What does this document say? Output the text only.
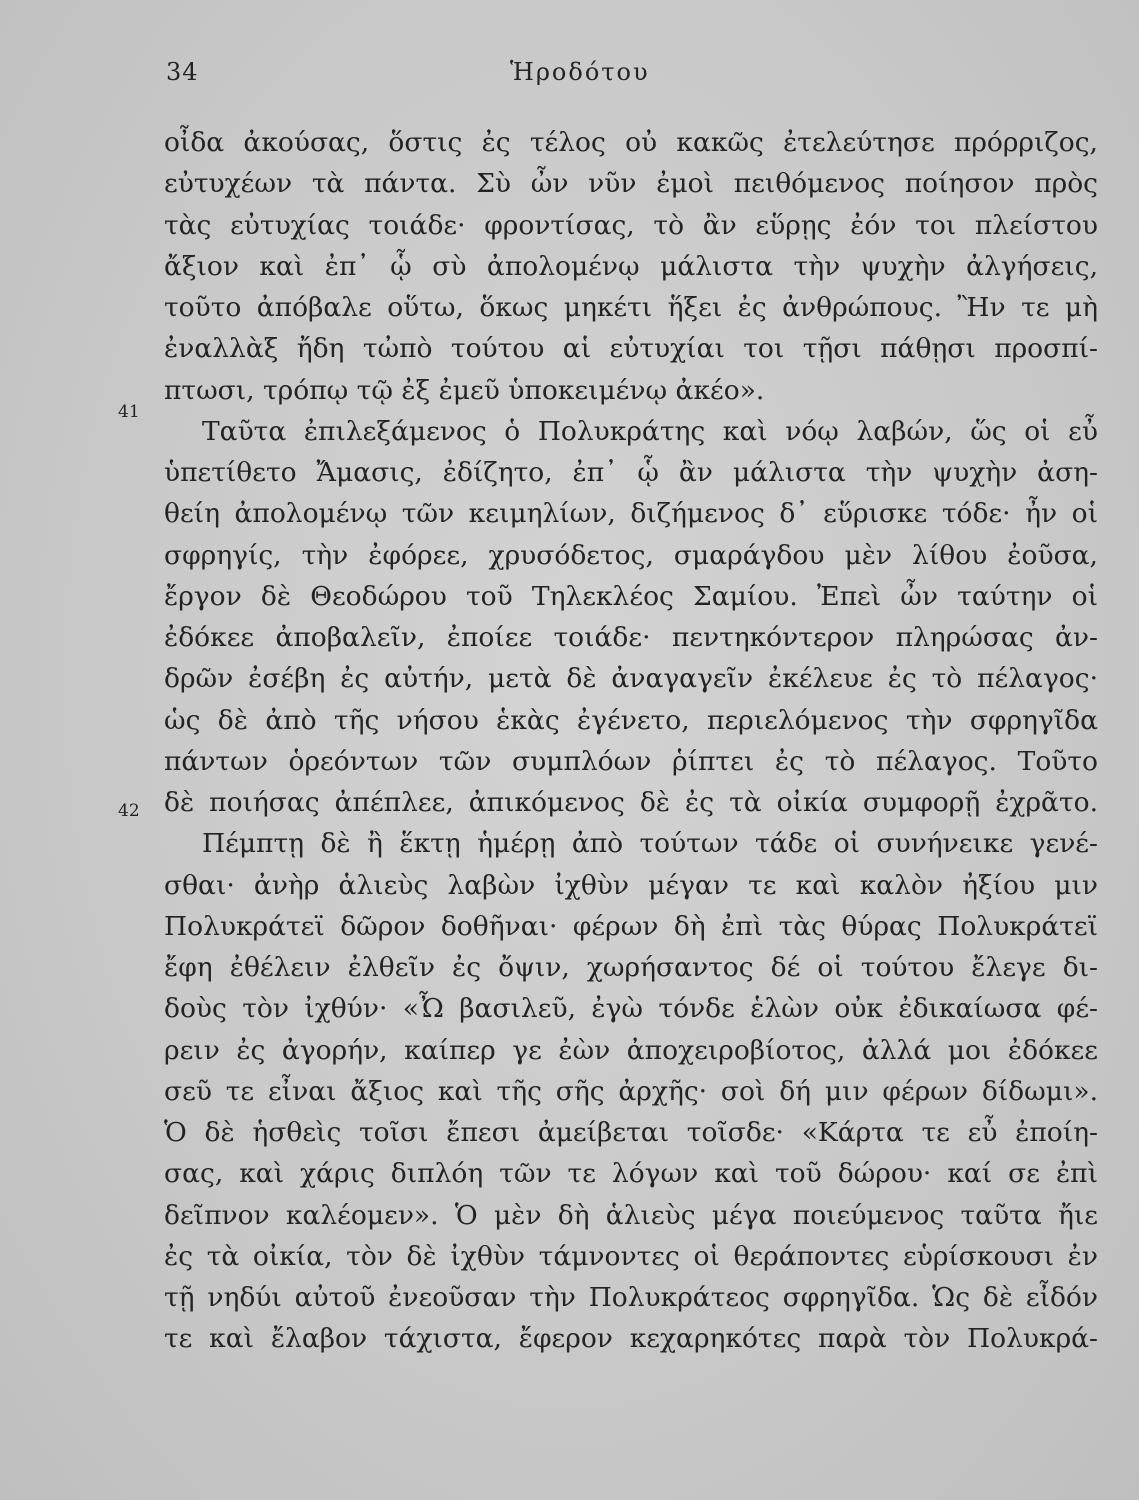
34	Ἡροδότου
41
42
οἶδα ἀκούσας, ὅστις ἐς τέλος οὐ κακῶς ἐτελεύτησε πρόρριζος,
εὐτυχέων τὰ πάντα. Σὺ ὦν νῦν ἐμοὶ πειθόμενος ποίησον πρὸς
τὰς εὐτυχίας τοιάδε· φροντίσας, τὸ ἂν εὕρῃς ἐόν τοι πλείστου
ἄξιον καὶ ἐπ᾽ ᾧ σὺ ἀπολομένῳ μάλιστα τὴν ψυχὴν ἀλγήσεις,
τοῦτο ἀπόβαλε οὕτω, ὅκως μηκέτι ἥξει ἐς ἀνθρώπους. Ἢν τε μὴ
ἐναλλὰξ ἤδη τὠπὸ τούτου αἱ εὐτυχίαι τοι τῇσι πάθῃσι προσπί-
πτωσι, τρόπῳ τῷ ἐξ ἐμεῦ ὑποκειμένῳ ἀκέο».
Ταῦτα ἐπιλεξάμενος ὁ Πολυκράτης καὶ νόῳ λαβών, ὥς οἱ εὖ
ὑπετίθετο Ἄμασις, ἐδίζητο, ἐπ᾽ ᾧ ἂν μάλιστα τὴν ψυχὴν ἀση-
θείη ἀπολομένῳ τῶν κειμηλίων, διζήμενος δ᾽ εὕρισκε τόδε· ἦν οἱ
σφρηγίς, τὴν ἐφόρεε, χρυσόδετος, σμαράγδου μὲν λίθου ἐοῦσα,
ἔργον δὲ Θεοδώρου τοῦ Τηλεκλέος Σαμίου. Ἐπεὶ ὦν ταύτην οἱ
ἐδόκεε ἀποβαλεῖν, ἐποίεε τοιάδε· πεντηκόντερον πληρώσας ἀν-
δρῶν ἐσέβη ἐς αὐτήν, μετὰ δὲ ἀναγαγεῖν ἐκέλευε ἐς τὸ πέλαγος·
ὡς δὲ ἀπὸ τῆς νήσου ἑκὰς ἐγένετο, περιελόμενος τὴν σφρηγῖδα
πάντων ὁρεόντων τῶν συμπλόων ῥίπτει ἐς τὸ πέλαγος. Τοῦτο
δὲ ποιήσας ἀπέπλεε, ἀπικόμενος δὲ ἐς τὰ οἰκία συμφορῇ ἐχρᾶτο.
Πέμπτῃ δὲ ἢ ἕκτῃ ἡμέρῃ ἀπὸ τούτων τάδε οἱ συνήνεικε γενέ-
σθαι· ἀνὴρ ἁλιεὺς λαβὼν ἰχθὺν μέγαν τε καὶ καλὸν ἠξίου μιν
Πολυκράτεϊ δῶρον δοθῆναι· φέρων δὴ ἐπὶ τὰς θύρας Πολυκράτεϊ
ἔφη ἐθέλειν ἐλθεῖν ἐς ὄψιν, χωρήσαντος δέ οἱ τούτου ἔλεγε δι-
δοὺς τὸν ἰχθύν· «Ὦ βασιλεῦ, ἐγὼ τόνδε ἑλὼν οὐκ ἐδικαίωσα φέ-
ρειν ἐς ἀγορήν, καίπερ γε ἐὼν ἀποχειροβίοτος, ἀλλά μοι ἐδόκεε
σεῦ τε εἶναι ἄξιος καὶ τῆς σῆς ἀρχῆς· σοὶ δή μιν φέρων δίδωμι».
Ὁ δὲ ἡσθεὶς τοῖσι ἔπεσι ἀμείβεται τοῖσδε· «Κάρτα τε εὖ ἐποίη-
σας, καὶ χάρις διπλόη τῶν τε λόγων καὶ τοῦ δώρου· καί σε ἐπὶ
δεῖπνον καλέομεν». Ὁ μὲν δὴ ἁλιεὺς μέγα ποιεύμενος ταῦτα ἤιε
ἐς τὰ οἰκία, τὸν δὲ ἰχθὺν τάμνοντες οἱ θεράποντες εὑρίσκουσι ἐν
τῇ νηδύι αὐτοῦ ἐνεοῦσαν τὴν Πολυκράτεος σφρηγῖδα. Ὡς δὲ εἶδόν
τε καὶ ἔλαβον τάχιστα, ἔφερον κεχαρηκότες παρὰ τὸν Πολυκρά-
